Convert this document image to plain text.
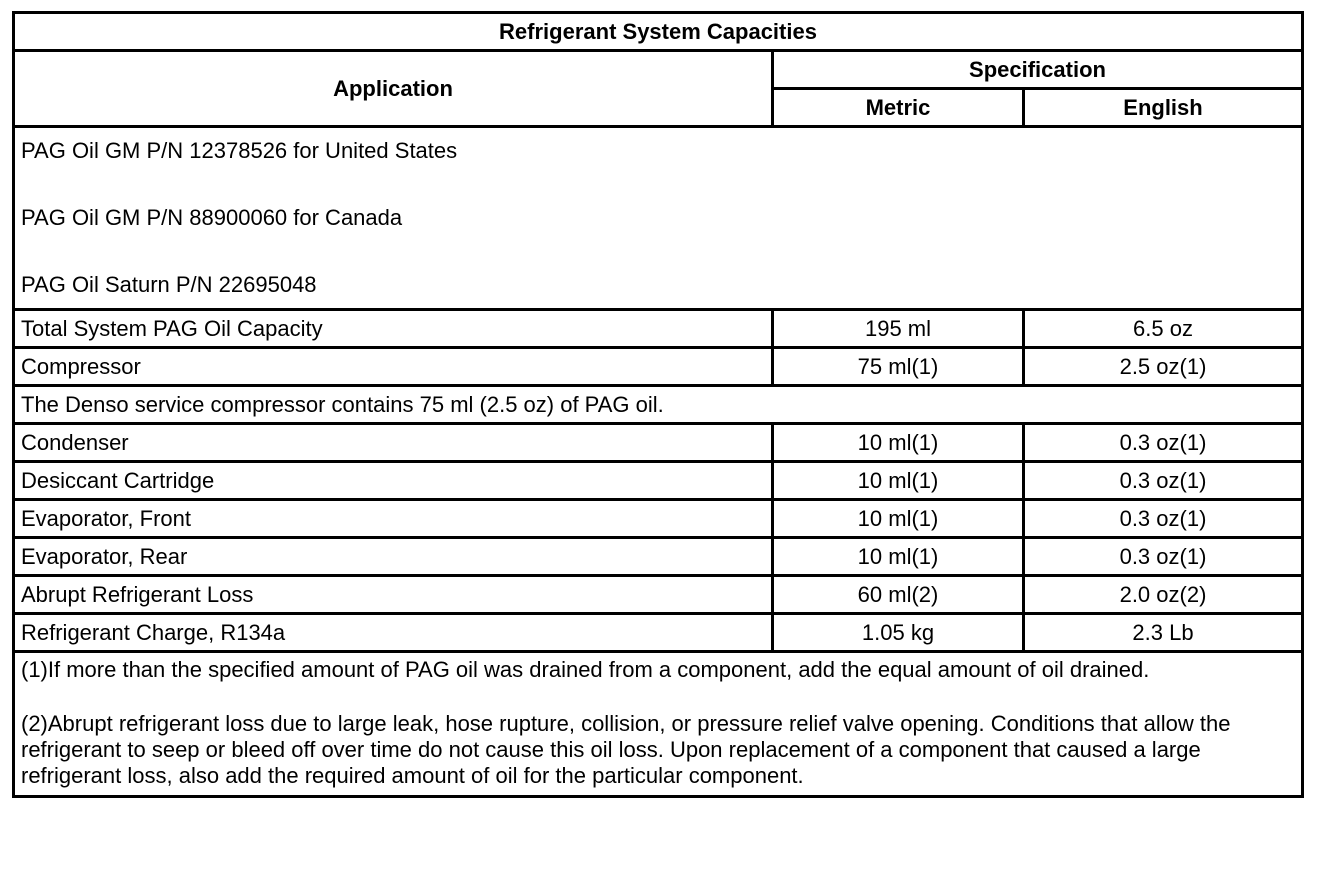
Refrigerant System Capacities		
Application	Specification	
	Metric	English

PAG Oil GM P/N 12378526 for United States
PAG Oil GM P/N 88900060 for Canada
PAG Oil Saturn P/N 22695048		

Total System PAG Oil Capacity	195 ml	6.5 oz
Compressor	75 ml(1)	2.5 oz(1)
The Denso service compressor contains 75 ml (2.5 oz) of PAG oil.		
Condenser	10 ml(1)	0.3 oz(1)
Desiccant Cartridge	10 ml(1)	0.3 oz(1)
Evaporator, Front	10 ml(1)	0.3 oz(1)
Evaporator, Rear	10 ml(1)	0.3 oz(1)
Abrupt Refrigerant Loss	60 ml(2)	2.0 oz(2)
Refrigerant Charge, R134a	1.05 kg	2.3 Lb

(1)If more than the specified amount of PAG oil was drained from a component, add the equal amount of oil drained.

(2)Abrupt refrigerant loss due to large leak, hose rupture, collision, or pressure relief valve opening. Conditions that allow the refrigerant to seep or bleed off over time do not cause this oil loss. Upon replacement of a component that caused a large refrigerant loss, also add the required amount of oil for the particular component.		
